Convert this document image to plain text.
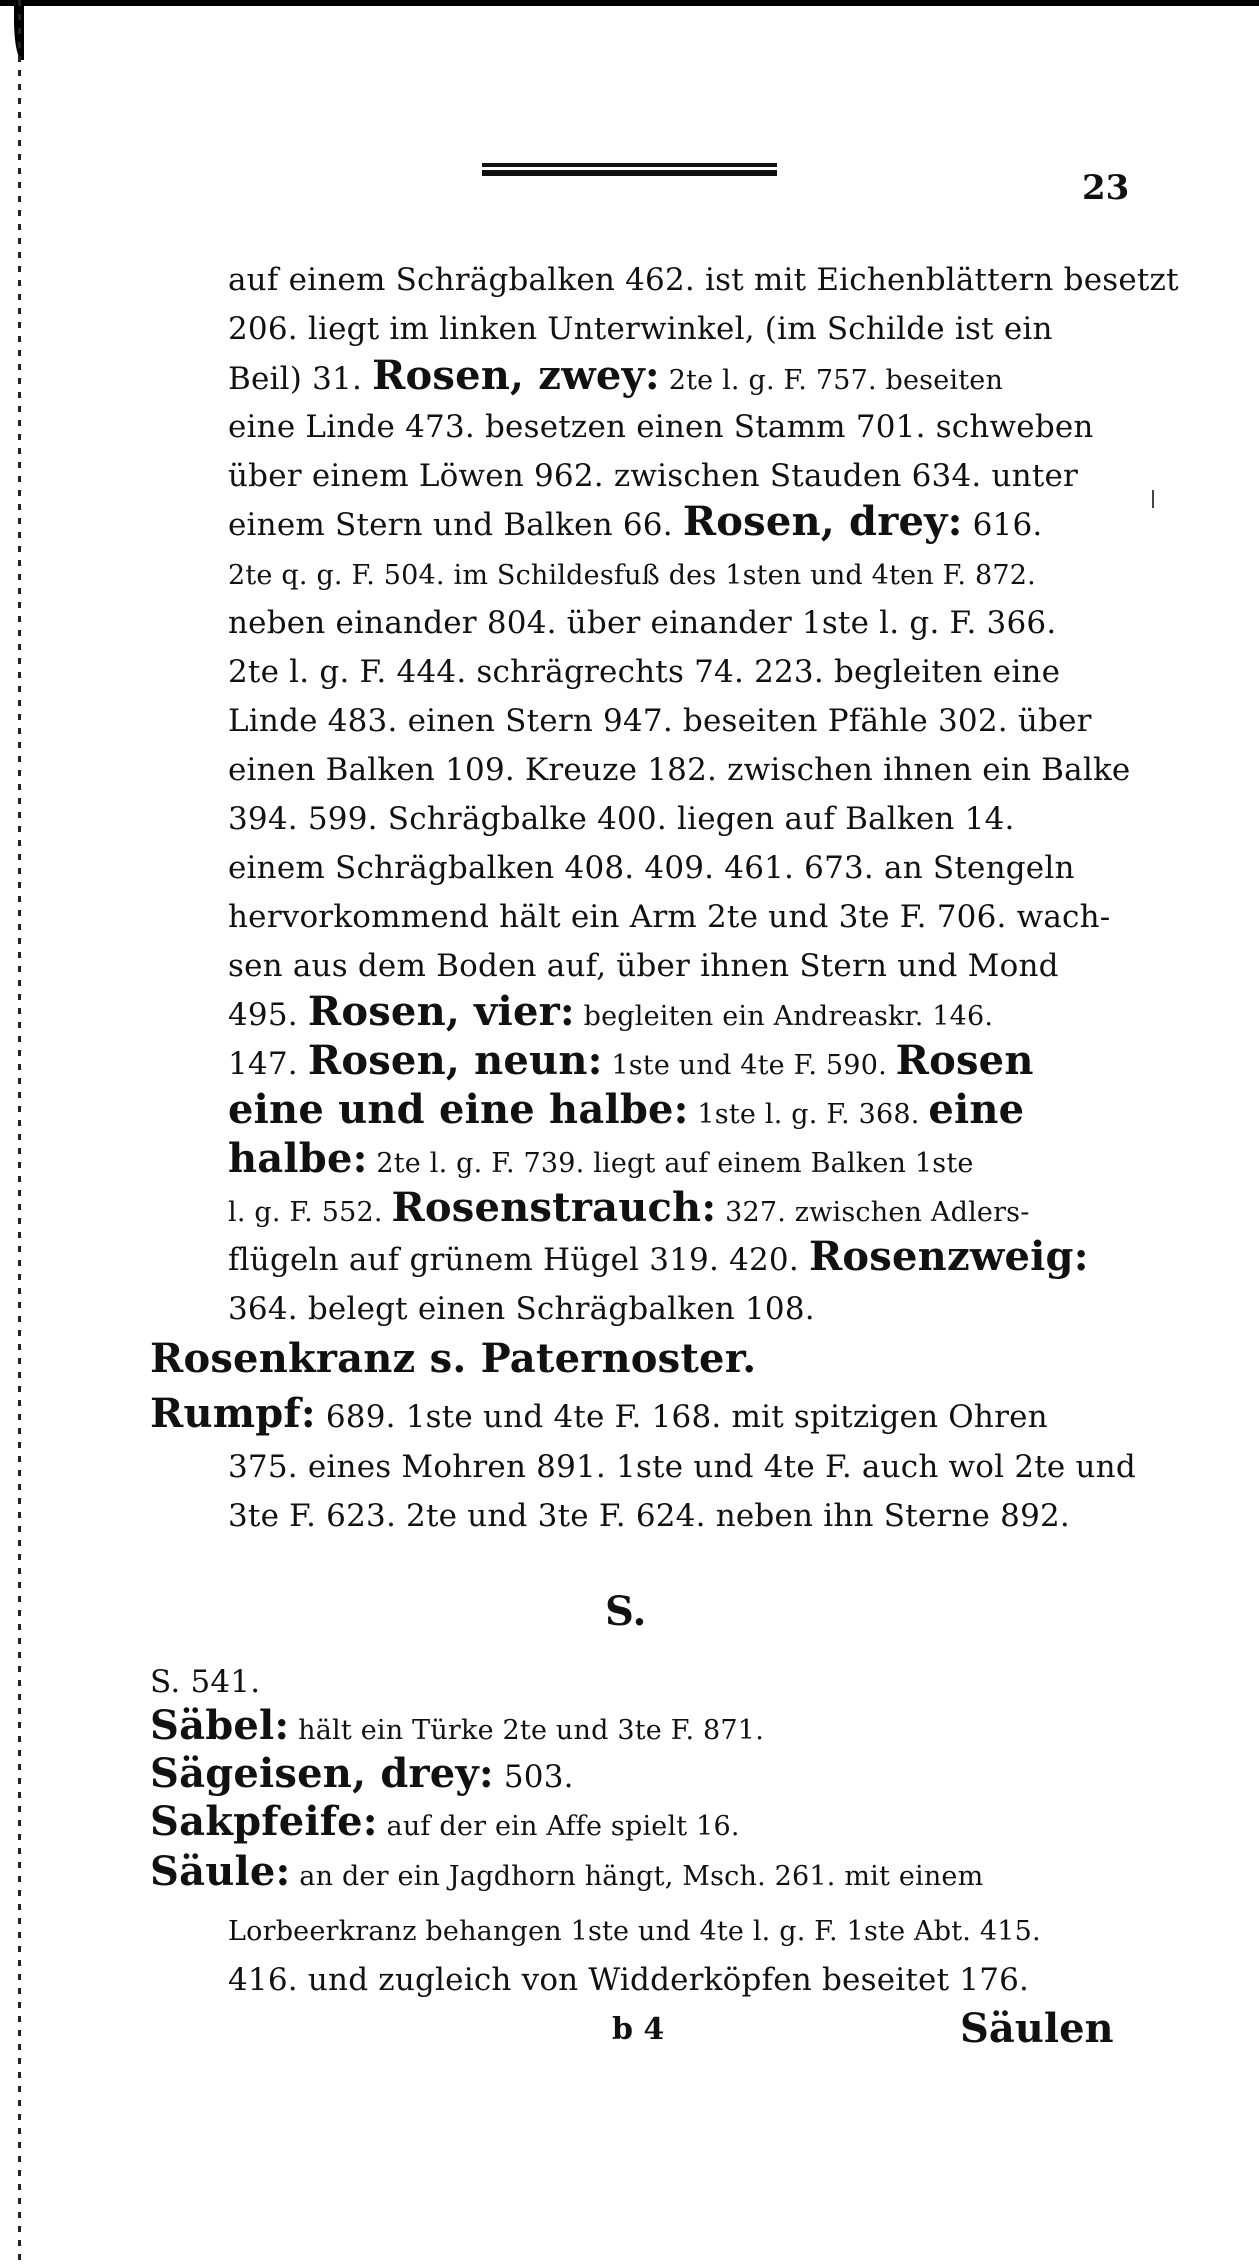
23
auf einem Schrägbalken 462. ist mit Eichenblättern besetzt
206. liegt im linken Unterwinkel, (im Schilde ist ein
Beil) 31. Rosen, zwey: 2te l. g. F. 757. beseiten
eine Linde 473. besetzen einen Stamm 701. schweben
über einem Löwen 962. zwischen Stauden 634. unter
einem Stern und Balken 66. Rosen, drey: 616.
2te q. g. F. 504. im Schildesfuß des 1sten und 4ten F. 872.
neben einander 804. über einander 1ste l. g. F. 366.
2te l. g. F. 444. schrägrechts 74. 223. begleiten eine
Linde 483. einen Stern 947. beseiten Pfähle 302. über
einen Balken 109. Kreuze 182. zwischen ihnen ein Balke
394. 599. Schrägbalke 400. liegen auf Balken 14.
einem Schrägbalken 408. 409. 461. 673. an Stengeln
hervorkommend hält ein Arm 2te und 3te F. 706. wach-
sen aus dem Boden auf, über ihnen Stern und Mond
495. Rosen, vier: begleiten ein Andreaskr. 146.
147. Rosen, neun: 1ste und 4te F. 590. Rosen
eine und eine halbe: 1ste l. g. F. 368. eine
halbe: 2te l. g. F. 739. liegt auf einem Balken 1ste
l. g. F. 552. Rosenstrauch: 327. zwischen Adlers-
flügeln auf grünem Hügel 319. 420. Rosenzweig:
364. belegt einen Schrägbalken 108.
Rosenkranz s. Paternoster.
Rumpf: 689. 1ste und 4te F. 168. mit spitzigen Ohren
375. eines Mohren 891. 1ste und 4te F. auch wol 2te und
3te F. 623. 2te und 3te F. 624. neben ihn Sterne 892.
S.
S. 541.
Säbel: hält ein Türke 2te und 3te F. 871.
Sägeisen, drey: 503.
Sakpfeife: auf der ein Affe spielt 16.
Säule: an der ein Jagdhorn hängt, Msch. 261. mit einem
Lorbeerkranz behangen 1ste und 4te l. g. F. 1ste Abt. 415.
416. und zugleich von Widderköpfen beseitet 176.
b 4	Säulen
